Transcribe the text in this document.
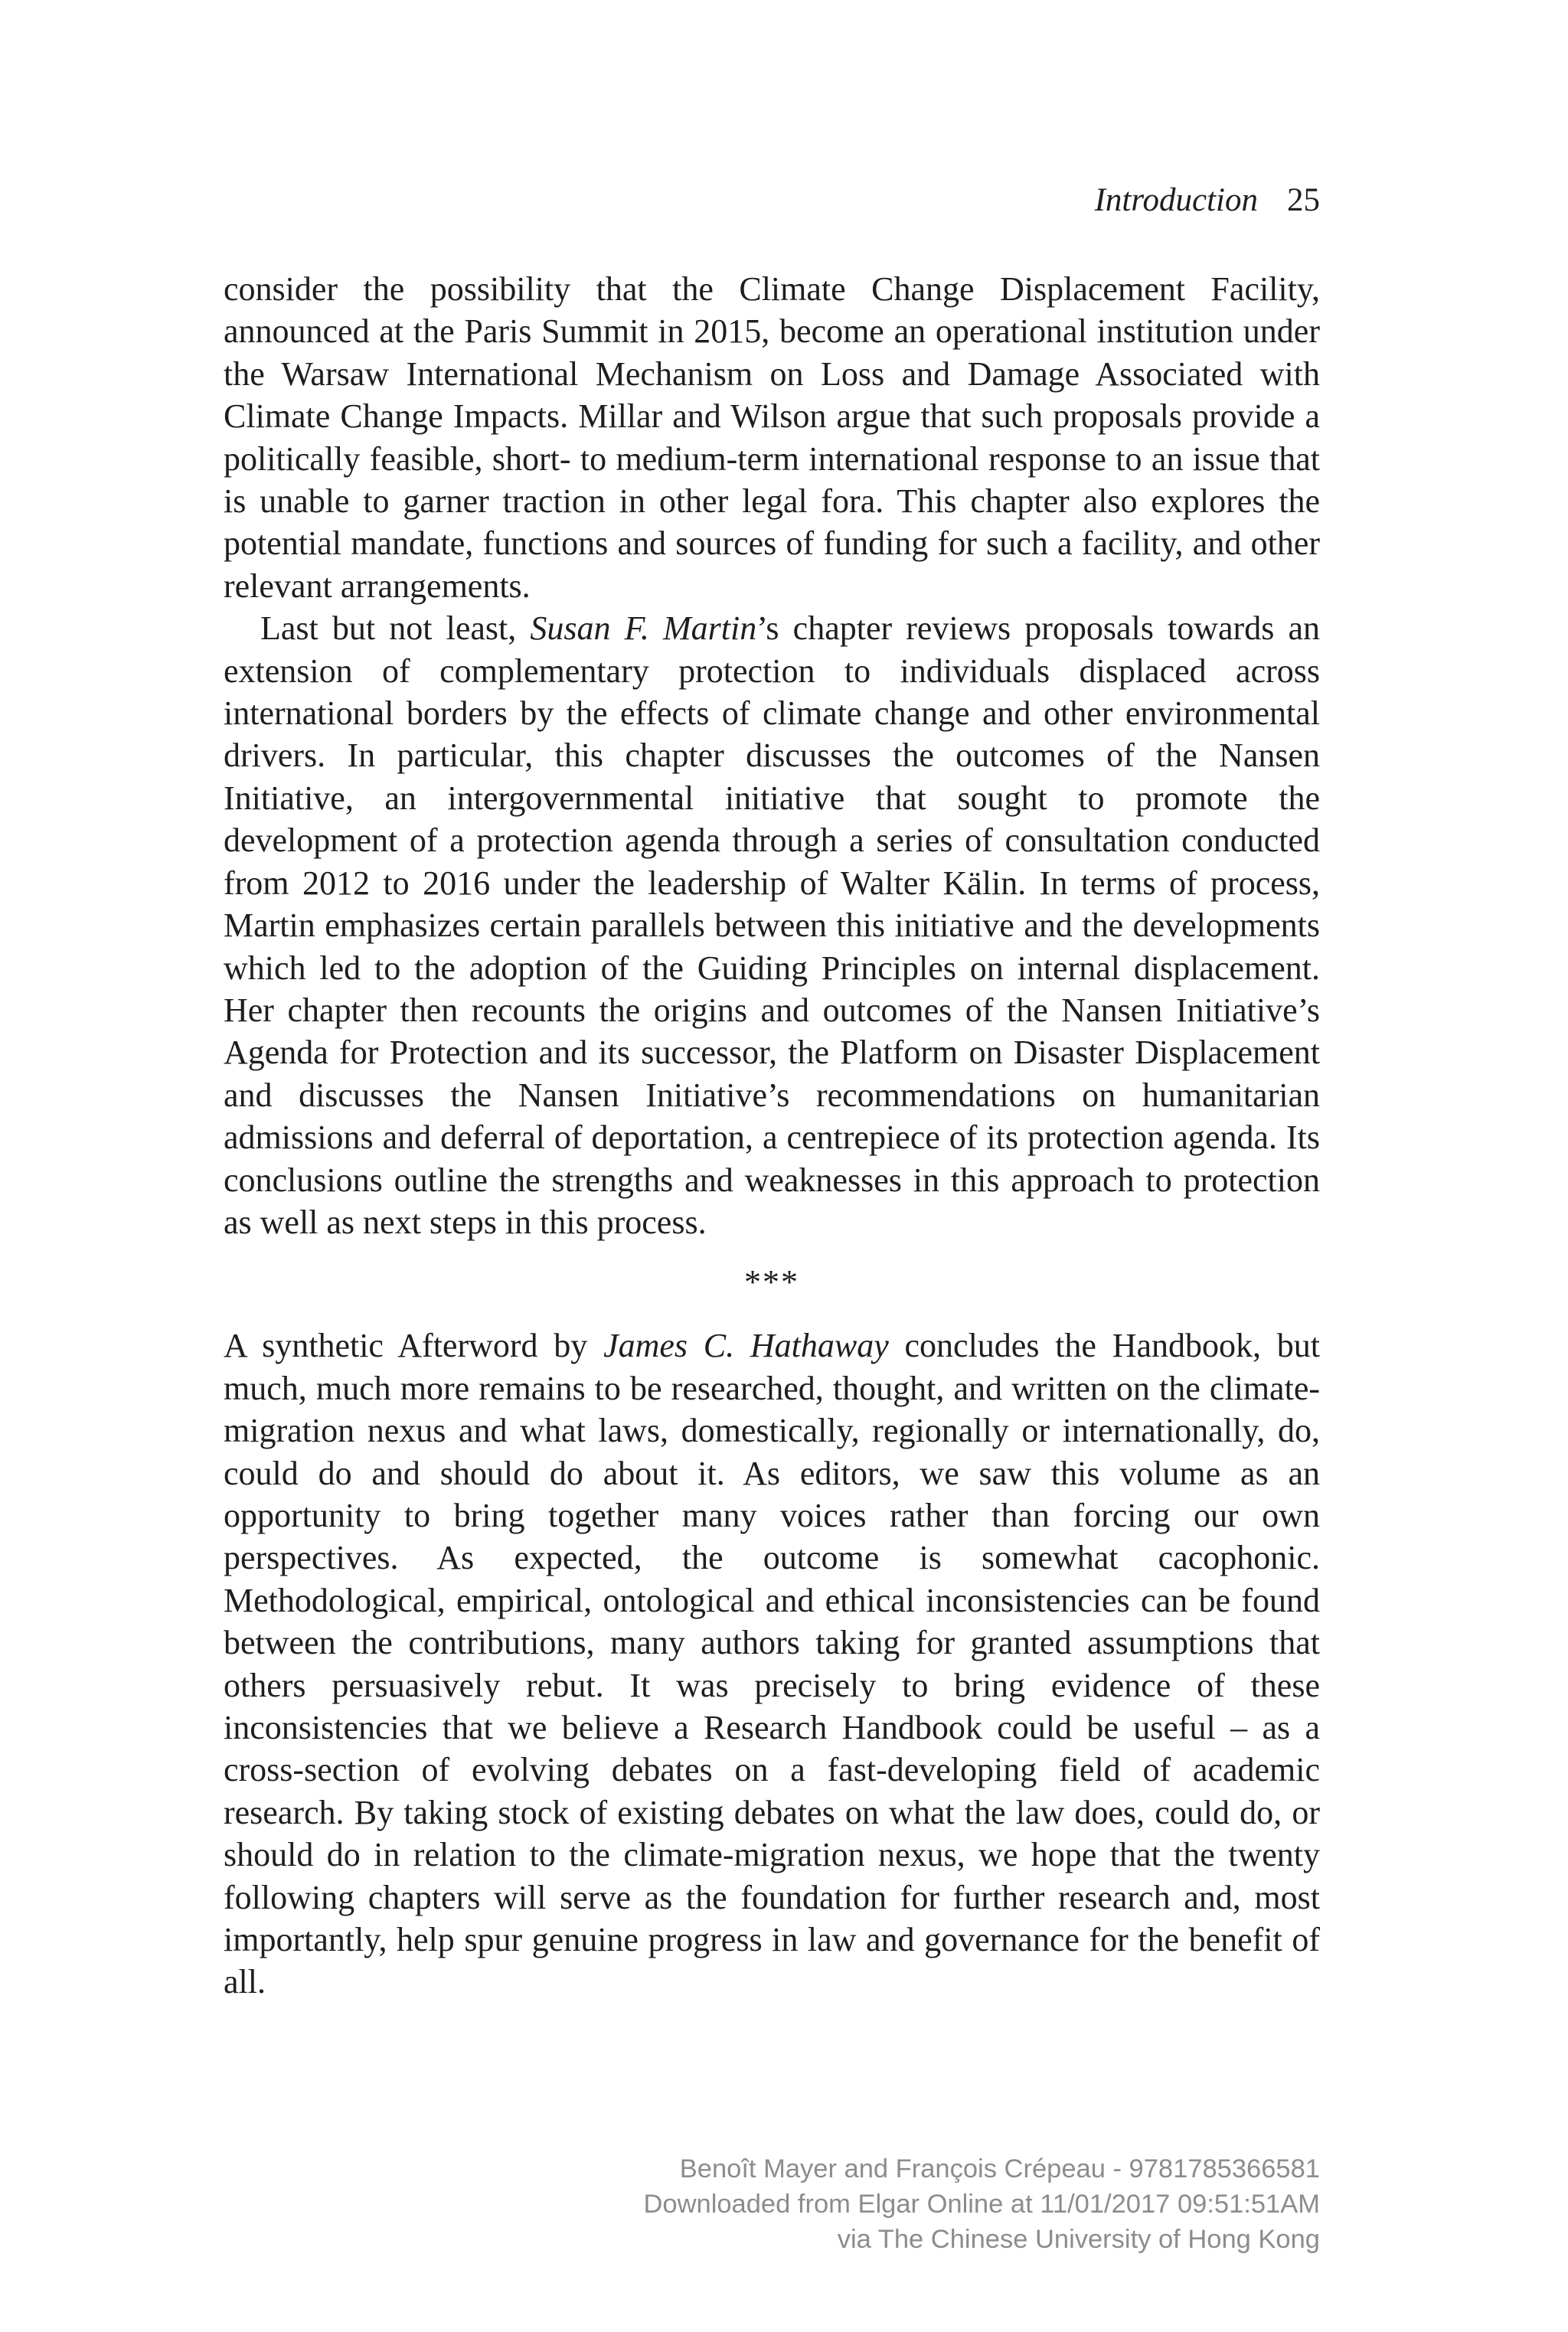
Introduction 25

consider the possibility that the Climate Change Displacement Facility, announced at the Paris Summit in 2015, become an operational institution under the Warsaw International Mechanism on Loss and Damage Associated with Climate Change Impacts. Millar and Wilson argue that such proposals provide a politically feasible, short- to medium-term international response to an issue that is unable to garner traction in other legal fora. This chapter also explores the potential mandate, functions and sources of funding for such a facility, and other relevant arrangements.

Last but not least, Susan F. Martin’s chapter reviews proposals towards an extension of complementary protection to individuals displaced across international borders by the effects of climate change and other environmental drivers. In particular, this chapter discusses the outcomes of the Nansen Initiative, an intergovernmental initiative that sought to promote the development of a protection agenda through a series of consultation conducted from 2012 to 2016 under the leadership of Walter Kälin. In terms of process, Martin emphasizes certain parallels between this initiative and the developments which led to the adoption of the Guiding Principles on internal displacement. Her chapter then recounts the origins and outcomes of the Nansen Initiative’s Agenda for Protection and its successor, the Platform on Disaster Displacement and discusses the Nansen Initiative’s recommendations on humanitarian admissions and deferral of deportation, a centrepiece of its protection agenda. Its conclusions outline the strengths and weaknesses in this approach to protection as well as next steps in this process.

***

A synthetic Afterword by James C. Hathaway concludes the Handbook, but much, much more remains to be researched, thought, and written on the climate-migration nexus and what laws, domestically, regionally or internationally, do, could do and should do about it. As editors, we saw this volume as an opportunity to bring together many voices rather than forcing our own perspectives. As expected, the outcome is somewhat cacophonic. Methodological, empirical, ontological and ethical inconsistencies can be found between the contributions, many authors taking for granted assumptions that others persuasively rebut. It was precisely to bring evidence of these inconsistencies that we believe a Research Handbook could be useful – as a cross-section of evolving debates on a fast-developing field of academic research. By taking stock of existing debates on what the law does, could do, or should do in relation to the climate-migration nexus, we hope that the twenty following chapters will serve as the foundation for further research and, most importantly, help spur genuine progress in law and governance for the benefit of all.

Benoît Mayer and François Crépeau - 9781785366581
Downloaded from Elgar Online at 11/01/2017 09:51:51AM
via The Chinese University of Hong Kong
